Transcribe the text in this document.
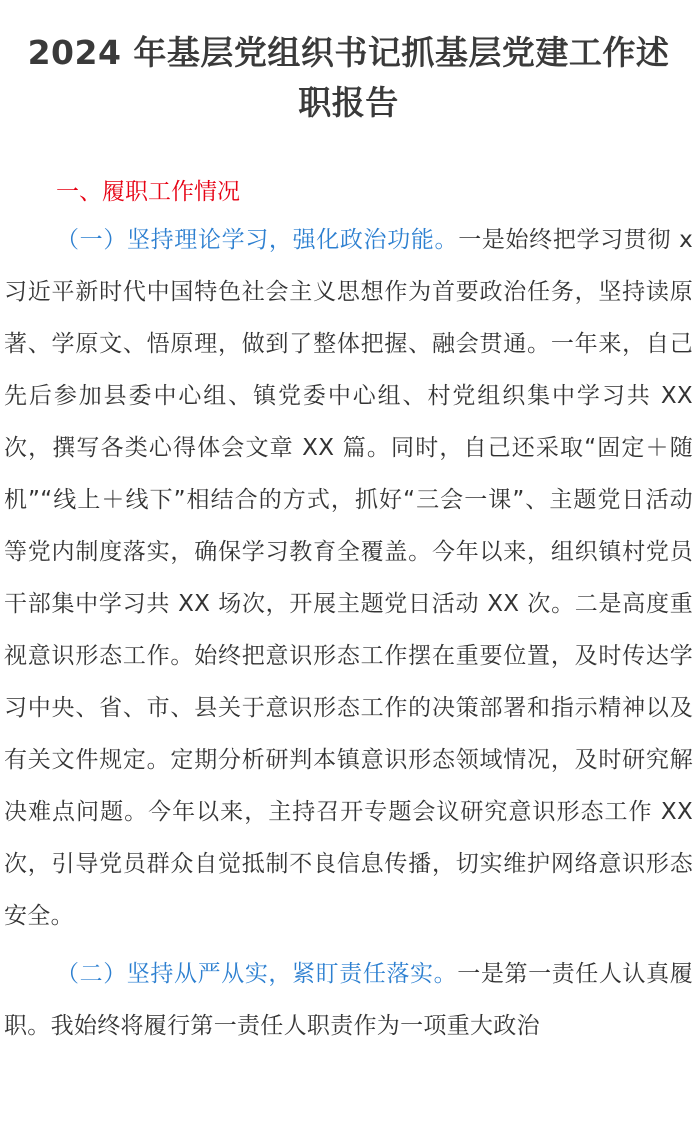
2024 年基层党组织书记抓基层党建工作述
职报告
一、履职工作情况

（一）坚持理论学习，强化政治功能。一是始终把学习贯彻 x 习近平新时代中国特色社会主义思想作为首要政治任务，坚持读原著、学原文、悟原理，做到了整体把握、融会贯通。一年来，自己先后参加县委中心组、镇党委中心组、村党组织集中学习共 XX 次，撰写各类心得体会文章 XX 篇。同时，自己还采取“固定＋随机”“线上＋线下”相结合的方式，抓好“三会一课”、主题党日活动等党内制度落实，确保学习教育全覆盖。今年以来，组织镇村党员干部集中学习共 XX 场次，开展主题党日活动 XX 次。二是高度重视意识形态工作。始终把意识形态工作摆在重要位置，及时传达学习中央、省、市、县关于意识形态工作的决策部署和指示精神以及有关文件规定。定期分析研判本镇意识形态领域情况，及时研究解决难点问题。今年以来，主持召开专题会议研究意识形态工作 XX 次，引导党员群众自觉抵制不良信息传播，切实维护网络意识形态安全。

（二）坚持从严从实，紧盯责任落实。一是第一责任人认真履职。我始终将履行第一责任人职责作为一项重大政治
